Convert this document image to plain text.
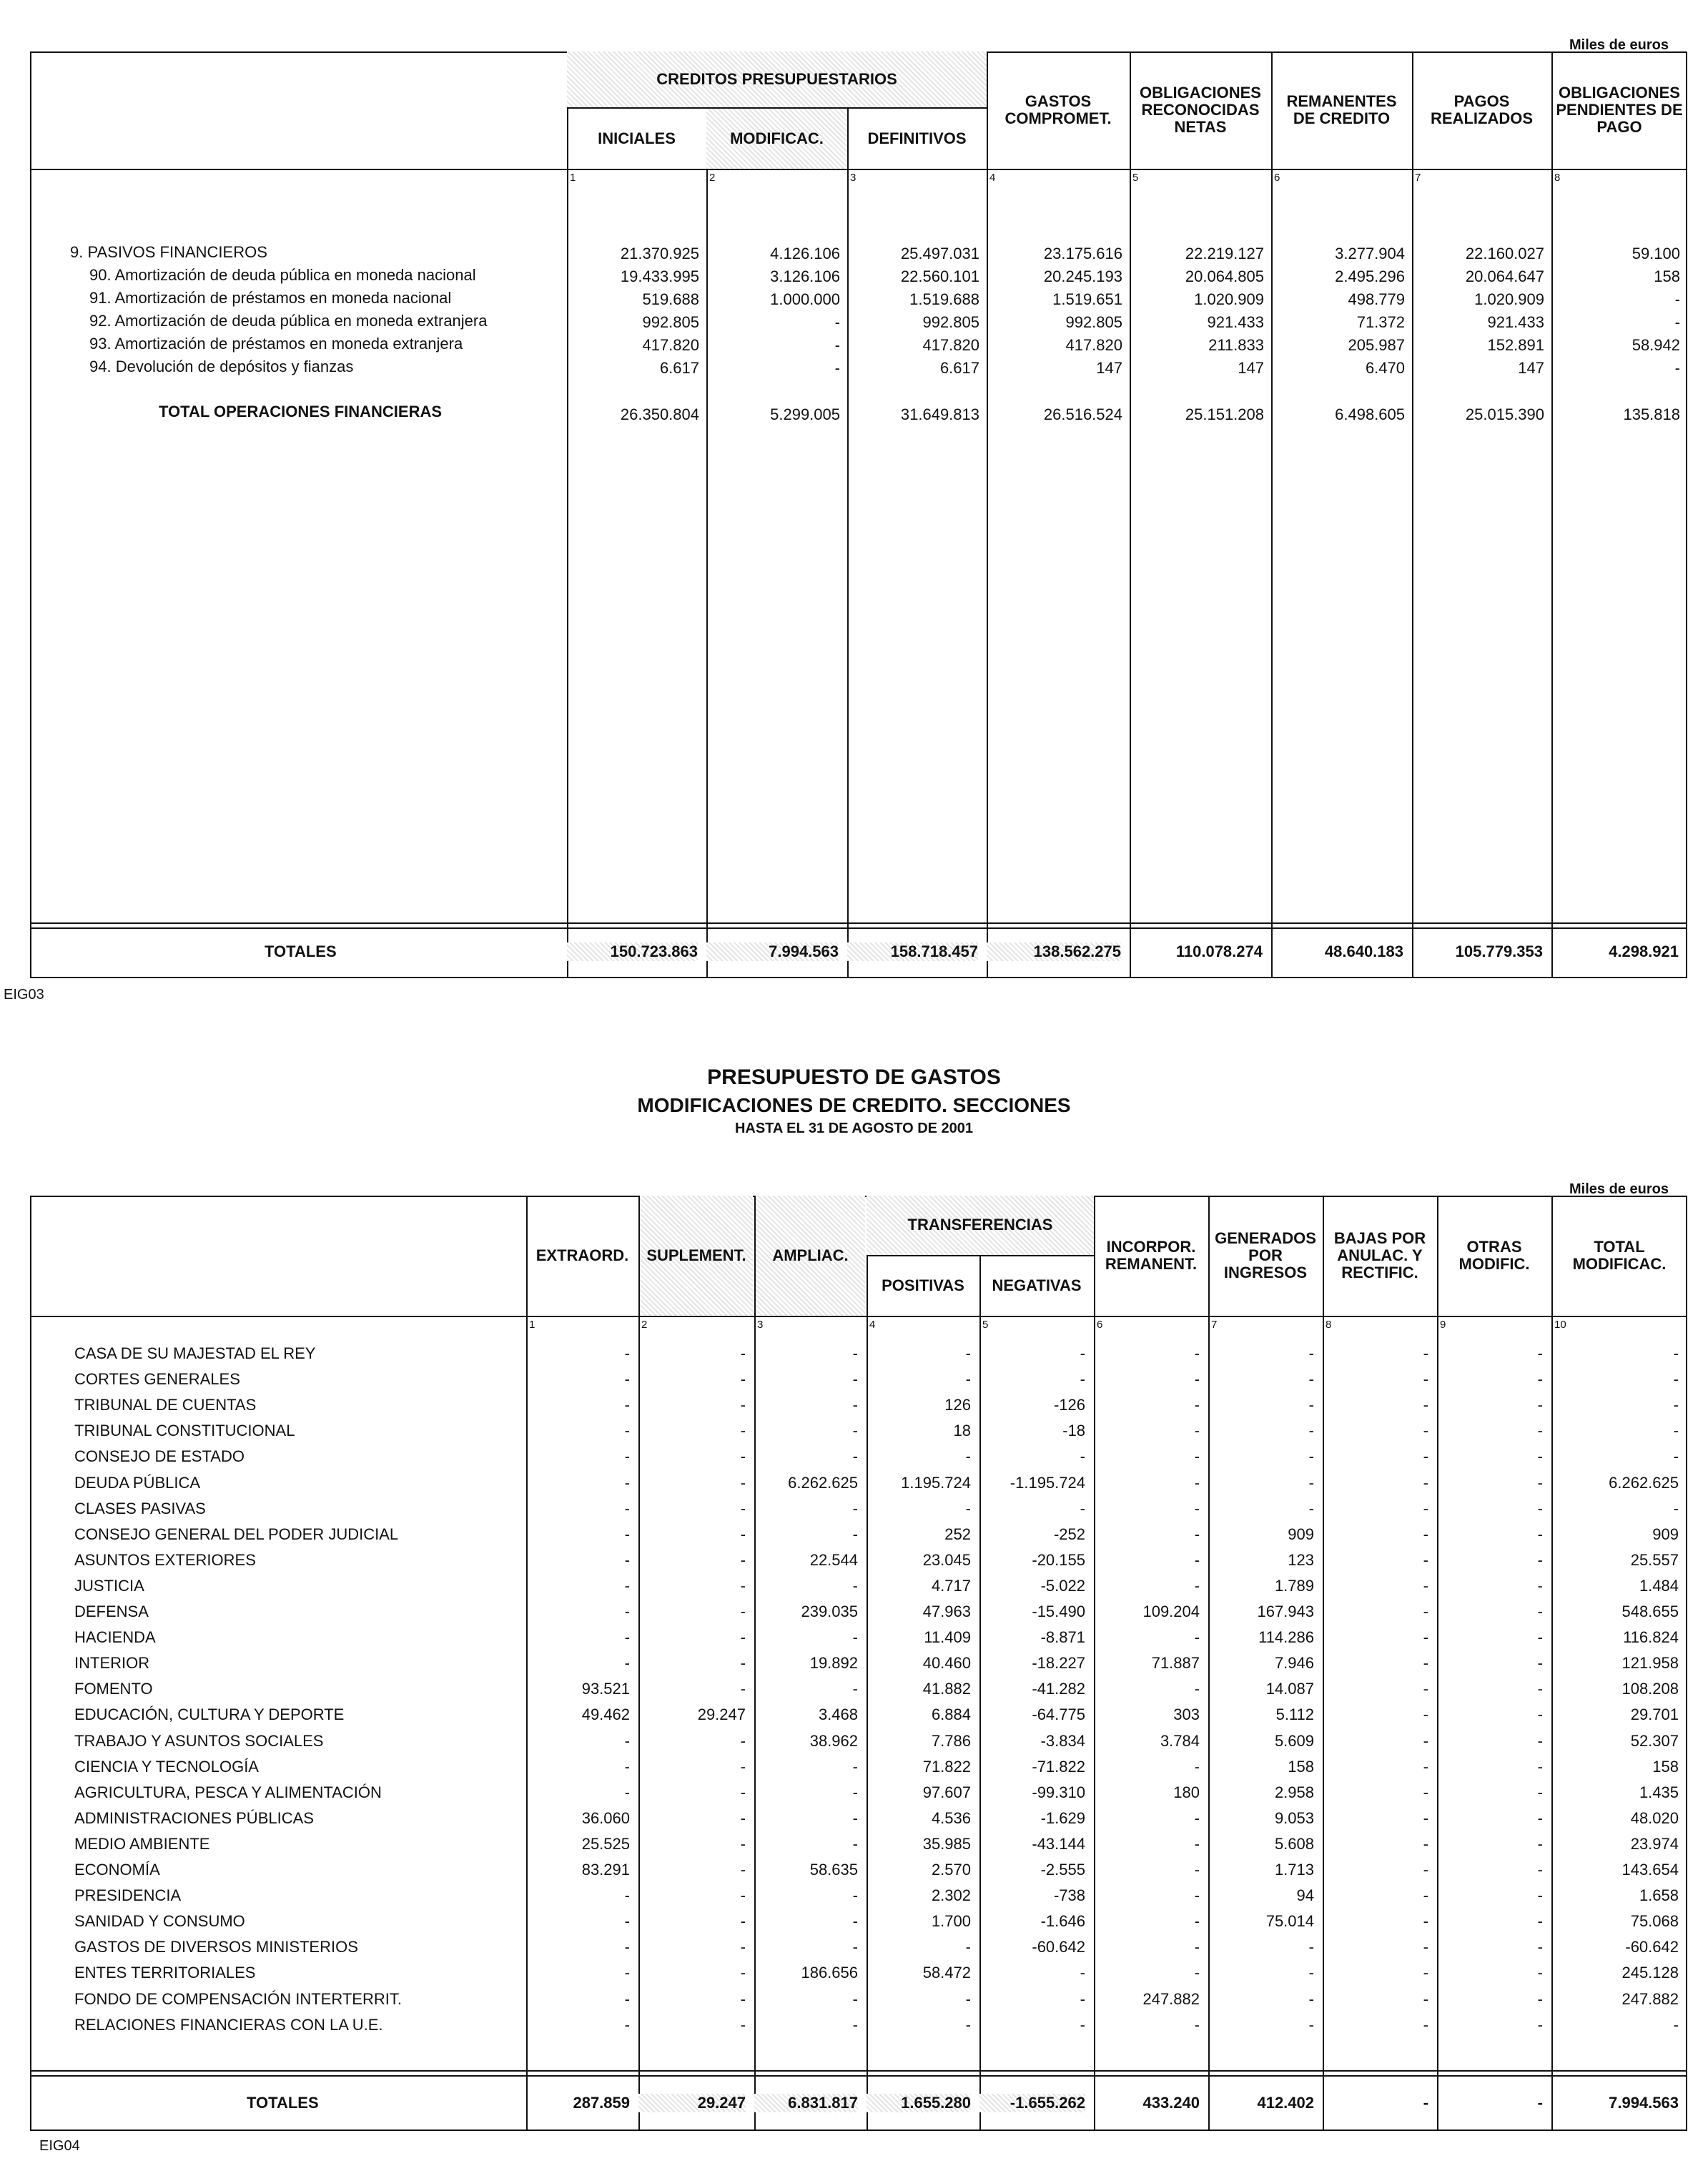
Miles de euros
CREDITOS PRESUPUESTARIOS
INICIALES	MODIFICAC.	DEFINITIVOS
GASTOS COMPROMET.
OBLIGACIONES RECONOCIDAS NETAS
REMANENTES DE CREDITO
PAGOS REALIZADOS
OBLIGACIONES PENDIENTES DE PAGO
1	2	3	4	5	6	7	8
9. PASIVOS FINANCIEROS	21.370.925	4.126.106	25.497.031	23.175.616	22.219.127	3.277.904	22.160.027	59.100
90. Amortización de deuda pública en moneda nacional	19.433.995	3.126.106	22.560.101	20.245.193	20.064.805	2.495.296	20.064.647	158
91. Amortización de préstamos en moneda nacional	519.688	1.000.000	1.519.688	1.519.651	1.020.909	498.779	1.020.909	-
92. Amortización de deuda pública en moneda extranjera	992.805	-	992.805	992.805	921.433	71.372	921.433	-
93. Amortización de préstamos en moneda extranjera	417.820	-	417.820	417.820	211.833	205.987	152.891	58.942
94. Devolución de depósitos y fianzas	6.617	-	6.617	147	147	6.470	147	-
TOTAL OPERACIONES FINANCIERAS	26.350.804	5.299.005	31.649.813	26.516.524	25.151.208	6.498.605	25.015.390	135.818
TOTALES	150.723.863	7.994.563	158.718.457	138.562.275	110.078.274	48.640.183	105.779.353	4.298.921
EIG03
PRESUPUESTO DE GASTOS
MODIFICACIONES DE CREDITO. SECCIONES
HASTA EL 31 DE AGOSTO DE 2001
Miles de euros
EXTRAORD.	SUPLEMENT.	AMPLIAC.
TRANSFERENCIAS
POSITIVAS	NEGATIVAS
INCORPOR. REMANENT.
GENERADOS POR INGRESOS
BAJAS POR ANULAC. Y RECTIFIC.
OTRAS MODIFIC.
TOTAL MODIFICAC.
1	2	3	4	5	6	7	8	9	10
CASA DE SU MAJESTAD EL REY	-	-	-	-	-	-	-	-	-	-
CORTES GENERALES	-	-	-	-	-	-	-	-	-	-
TRIBUNAL DE CUENTAS	-	-	-	126	-126	-	-	-	-	-
TRIBUNAL CONSTITUCIONAL	-	-	-	18	-18	-	-	-	-	-
CONSEJO DE ESTADO	-	-	-	-	-	-	-	-	-	-
DEUDA PÚBLICA	-	-	6.262.625	1.195.724	-1.195.724	-	-	-	-	6.262.625
CLASES PASIVAS	-	-	-	-	-	-	-	-	-	-
CONSEJO GENERAL DEL PODER JUDICIAL	-	-	-	252	-252	-	909	-	-	909
ASUNTOS EXTERIORES	-	-	22.544	23.045	-20.155	-	123	-	-	25.557
JUSTICIA	-	-	-	4.717	-5.022	-	1.789	-	-	1.484
DEFENSA	-	-	239.035	47.963	-15.490	109.204	167.943	-	-	548.655
HACIENDA	-	-	-	11.409	-8.871	-	114.286	-	-	116.824
INTERIOR	-	-	19.892	40.460	-18.227	71.887	7.946	-	-	121.958
FOMENTO	93.521	-	-	41.882	-41.282	-	14.087	-	-	108.208
EDUCACIÓN, CULTURA Y DEPORTE	49.462	29.247	3.468	6.884	-64.775	303	5.112	-	-	29.701
TRABAJO Y ASUNTOS SOCIALES	-	-	38.962	7.786	-3.834	3.784	5.609	-	-	52.307
CIENCIA Y TECNOLOGÍA	-	-	-	71.822	-71.822	-	158	-	-	158
AGRICULTURA, PESCA Y ALIMENTACIÓN	-	-	-	97.607	-99.310	180	2.958	-	-	1.435
ADMINISTRACIONES PÚBLICAS	36.060	-	-	4.536	-1.629	-	9.053	-	-	48.020
MEDIO AMBIENTE	25.525	-	-	35.985	-43.144	-	5.608	-	-	23.974
ECONOMÍA	83.291	-	58.635	2.570	-2.555	-	1.713	-	-	143.654
PRESIDENCIA	-	-	-	2.302	-738	-	94	-	-	1.658
SANIDAD Y CONSUMO	-	-	-	1.700	-1.646	-	75.014	-	-	75.068
GASTOS DE DIVERSOS MINISTERIOS	-	-	-	-	-60.642	-	-	-	-	-60.642
ENTES TERRITORIALES	-	-	186.656	58.472	-	-	-	-	-	245.128
FONDO DE COMPENSACIÓN INTERTERRIT.	-	-	-	-	-	247.882	-	-	-	247.882
RELACIONES FINANCIERAS CON LA U.E.	-	-	-	-	-	-	-	-	-	-
TOTALES	287.859	29.247	6.831.817	1.655.280	-1.655.262	433.240	412.402	-	-	7.994.563
EIG04
